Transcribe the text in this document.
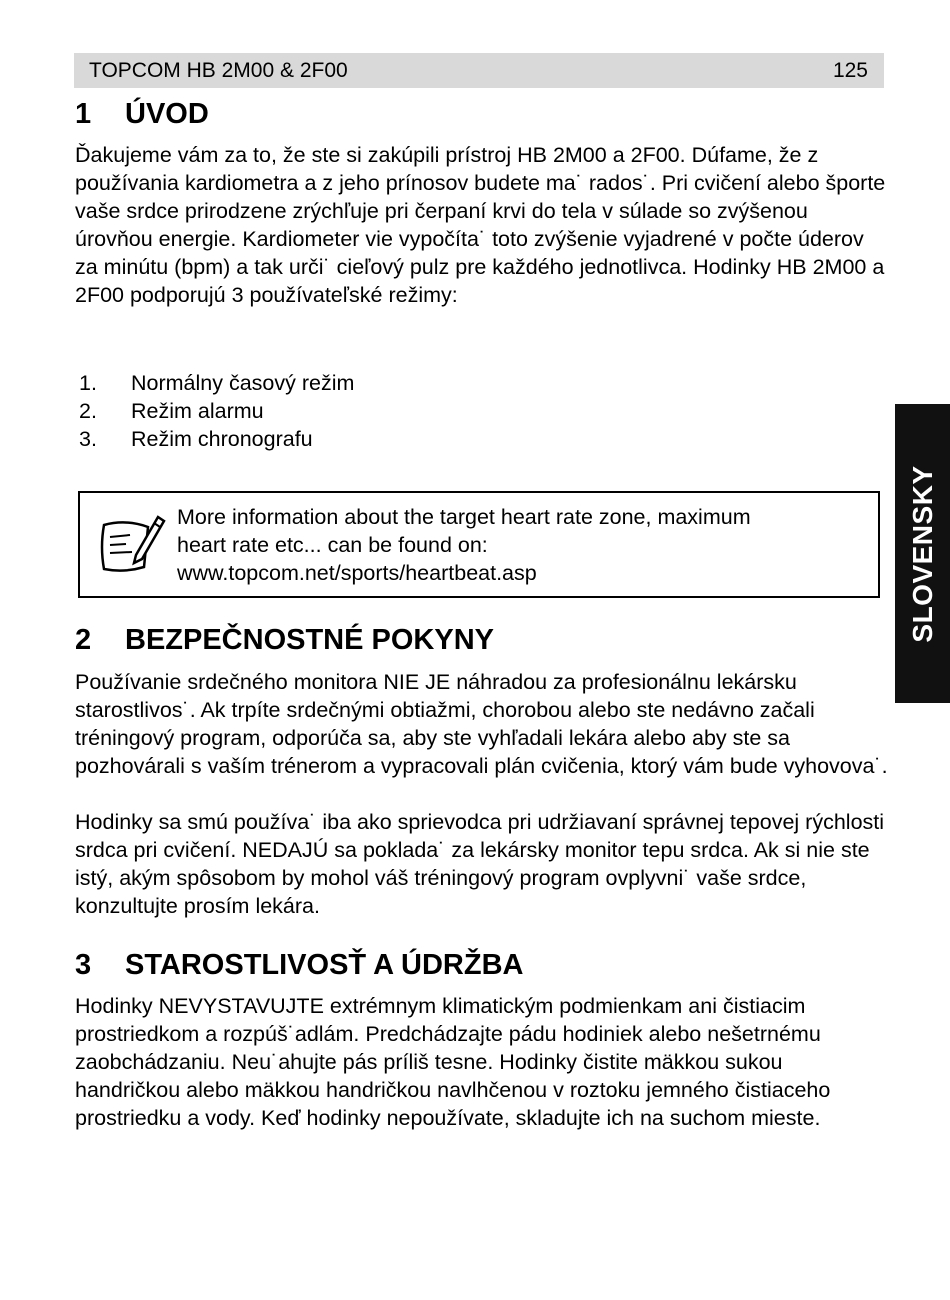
TOPCOM HB 2M00 & 2F00	125
1 ÚVOD

Ďakujeme vám za to, že ste si zakúpili prístroj HB 2M00 a 2F00. Dúfame, že z používania kardiometra a z jeho prínosov budete ma˙ rados˙. Pri cvičení alebo športe vaše srdce prirodzene zrýchľuje pri čerpaní krvi do tela v súlade so zvýšenou úrovňou energie. Kardiometer vie vypočíta˙ toto zvýšenie vyjadrené v počte úderov za minútu (bpm) a tak urči˙ cieľový pulz pre každého jednotlivca. Hodinky HB 2M00 a 2F00 podporujú 3 používateľské režimy:

1.	Normálny časový režim
2.	Režim alarmu
3.	Režim chronografu
More information about the target heart rate zone, maximum
heart rate etc... can be found on:
www.topcom.net/sports/heartbeat.asp
2 BEZPEČNOSTNÉ POKYNY

Používanie srdečného monitora NIE JE náhradou za profesionálnu lekársku starostlivos˙. Ak trpíte srdečnými obtiažmi, chorobou alebo ste nedávno začali tréningový program, odporúča sa, aby ste vyhľadali lekára alebo aby ste sa pozhovárali s vaším trénerom a vypracovali plán cvičenia, ktorý vám bude vyhovova˙.

Hodinky sa smú používa˙ iba ako sprievodca pri udržiavaní správnej tepovej rýchlosti srdca pri cvičení. NEDAJÚ sa poklada˙ za lekársky monitor tepu srdca. Ak si nie ste istý, akým spôsobom by mohol váš tréningový program ovplyvni˙ vaše srdce, konzultujte prosím lekára.

3 STAROSTLIVOSŤ A ÚDRŽBA

Hodinky NEVYSTAVUJTE extrémnym klimatickým podmienkam ani čistiacim prostriedkom a rozpúš˙adlám. Predchádzajte pádu hodiniek alebo nešetrnému zaobchádzaniu. Neu˙ahujte pás príliš tesne. Hodinky čistite mäkkou sukou handričkou alebo mäkkou handričkou navlhčenou v roztoku jemného čistiaceho prostriedku a vody. Keď hodinky nepoužívate, skladujte ich na suchom mieste.

SLOVENSKY
